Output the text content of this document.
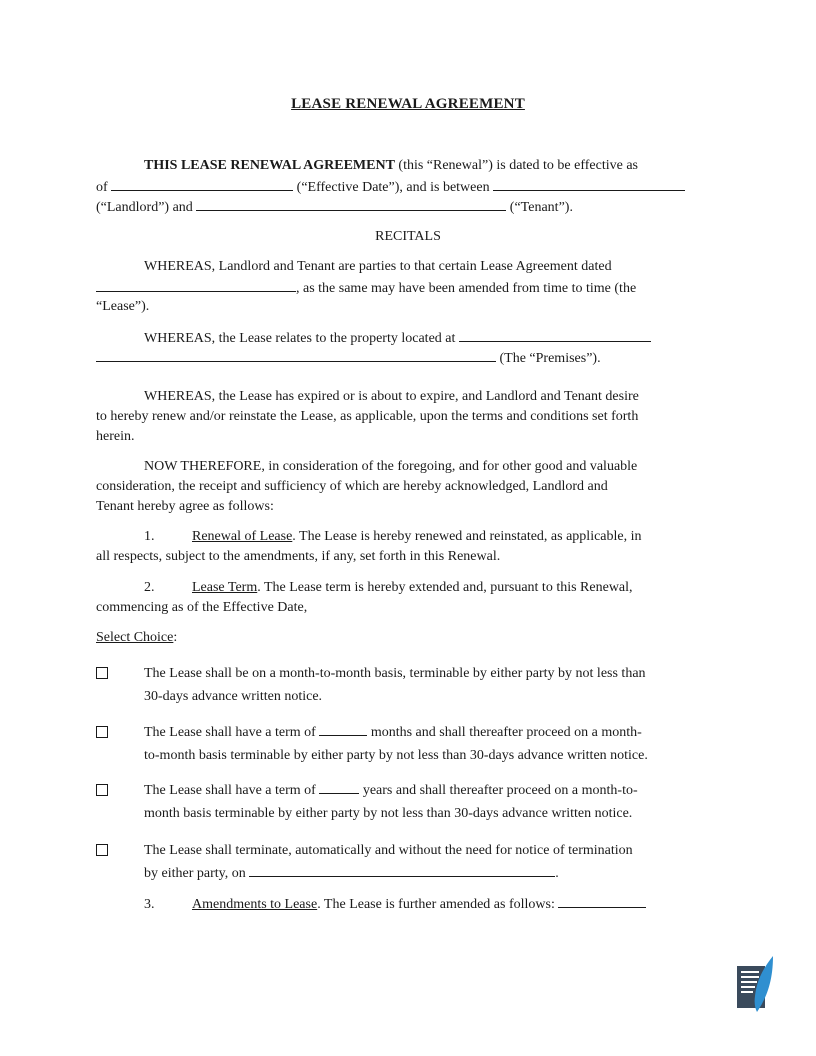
LEASE RENEWAL AGREEMENT
THIS LEASE RENEWAL AGREEMENT (this “Renewal”) is dated to be effective as
of	(“Effective Date”), and is between
(“Landlord”) and	(“Tenant”).
RECITALS
WHEREAS, Landlord and Tenant are parties to that certain Lease Agreement dated
, as the same may have been amended from time to time (the
“Lease”).
WHEREAS, the Lease relates to the property located at
(The “Premises”).
WHEREAS, the Lease has expired or is about to expire, and Landlord and Tenant desire
to hereby renew and/or reinstate the Lease, as applicable, upon the terms and conditions set forth
herein.
NOW THEREFORE, in consideration of the foregoing, and for other good and valuable
consideration, the receipt and sufficiency of which are hereby acknowledged, Landlord and
Tenant hereby agree as follows:
1.	Renewal of Lease. The Lease is hereby renewed and reinstated, as applicable, in
all respects, subject to the amendments, if any, set forth in this Renewal.
2.	Lease Term. The Lease term is hereby extended and, pursuant to this Renewal,
commencing as of the Effective Date,
Select Choice:
The Lease shall be on a month-to-month basis, terminable by either party by not less than
30-days advance written notice.
The Lease shall have a term of	months and shall thereafter proceed on a month-
to-month basis terminable by either party by not less than 30-days advance written notice.
The Lease shall have a term of	years and shall thereafter proceed on a month-to-
month basis terminable by either party by not less than 30-days advance written notice.
The Lease shall terminate, automatically and without the need for notice of termination
by either party, on	.
3.	Amendments to Lease. The Lease is further amended as follows:
